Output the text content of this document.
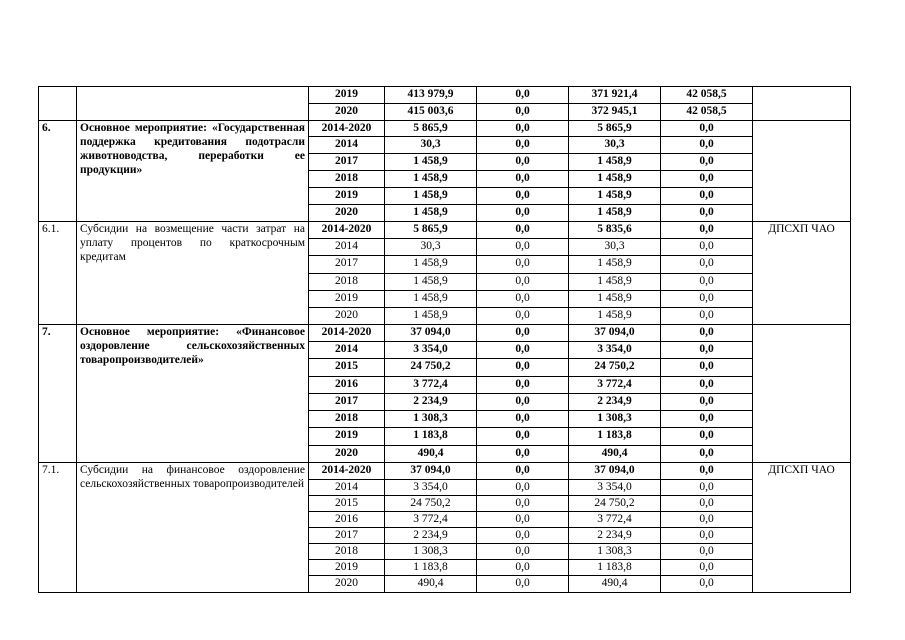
		2019	413 979,9	0,0	371 921,4	42 058,5	
		2020	415 003,6	0,0	372 945,1	42 058,5	
6.	Основное мероприятие: «Государственная поддержка кредитования подотрасли животноводства, переработки ее продукции»	2014-2020	5 865,9	0,0	5 865,9	0,0	
		2014	30,3	0,0	30,3	0,0	
		2017	1 458,9	0,0	1 458,9	0,0	
		2018	1 458,9	0,0	1 458,9	0,0	
		2019	1 458,9	0,0	1 458,9	0,0	
		2020	1 458,9	0,0	1 458,9	0,0	
6.1.	Субсидии на возмещение части затрат на уплату процентов по краткосрочным кредитам	2014-2020	5 865,9	0,0	5 835,6	0,0	ДПСХП ЧАО
		2014	30,3	0,0	30,3	0,0	
		2017	1 458,9	0,0	1 458,9	0,0	
		2018	1 458,9	0,0	1 458,9	0,0	
		2019	1 458,9	0,0	1 458,9	0,0	
		2020	1 458,9	0,0	1 458,9	0,0	
7.	Основное мероприятие: «Финансовое оздоровление сельскохозяйственных товаропроизводителей»	2014-2020	37 094,0	0,0	37 094,0	0,0	
		2014	3 354,0	0,0	3 354,0	0,0	
		2015	24 750,2	0,0	24 750,2	0,0	
		2016	3 772,4	0,0	3 772,4	0,0	
		2017	2 234,9	0,0	2 234,9	0,0	
		2018	1 308,3	0,0	1 308,3	0,0	
		2019	1 183,8	0,0	1 183,8	0,0	
		2020	490,4	0,0	490,4	0,0	
7.1.	Субсидии на финансовое оздоровление сельскохозяйственных товаропроизводителей	2014-2020	37 094,0	0,0	37 094,0	0,0	ДПСХП ЧАО
		2014	3 354,0	0,0	3 354,0	0,0	
		2015	24 750,2	0,0	24 750,2	0,0	
		2016	3 772,4	0,0	3 772,4	0,0	
		2017	2 234,9	0,0	2 234,9	0,0	
		2018	1 308,3	0,0	1 308,3	0,0	
		2019	1 183,8	0,0	1 183,8	0,0	
		2020	490,4	0,0	490,4	0,0	
